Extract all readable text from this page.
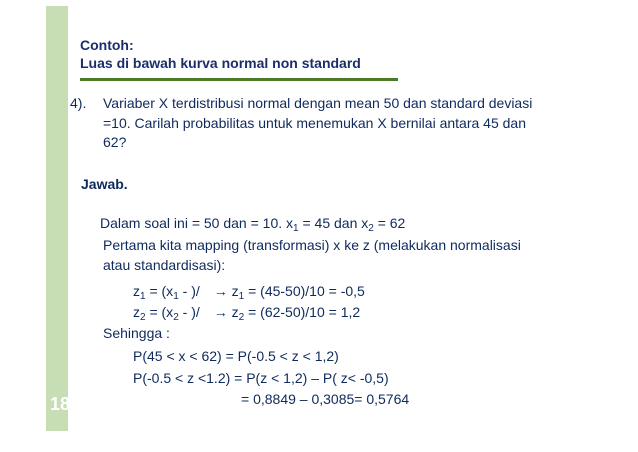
Contoh:
Luas di bawah kurva normal non standard
18
4). Variaber X terdistribusi normal dengan mean 50 dan standard deviasi
=10. Carilah probabilitas untuk menemukan X bernilai antara 45 dan
62?
Jawab.
Dalam soal ini = 50 dan = 10. $x_1 = 45$ dan $x_2 = 62$
Pertama kita mapping (transformasi) x ke z (melakukan normalisasi
atau standardisasi):
$z_1 = (x_1$ - )/ → $z_1 = (45-50)/10 = -0,5$
$z_2 = (x_2$ - )/ → $z_2 = (62-50)/10 = 1,2$
Sehingga :
P(45 < x < 62) = P(-0.5 < z < 1,2)
P(-0.5 < z <1.2) = P(z < 1,2) – P( z< -0,5)
= 0,8849 – 0,3085= 0,5764
